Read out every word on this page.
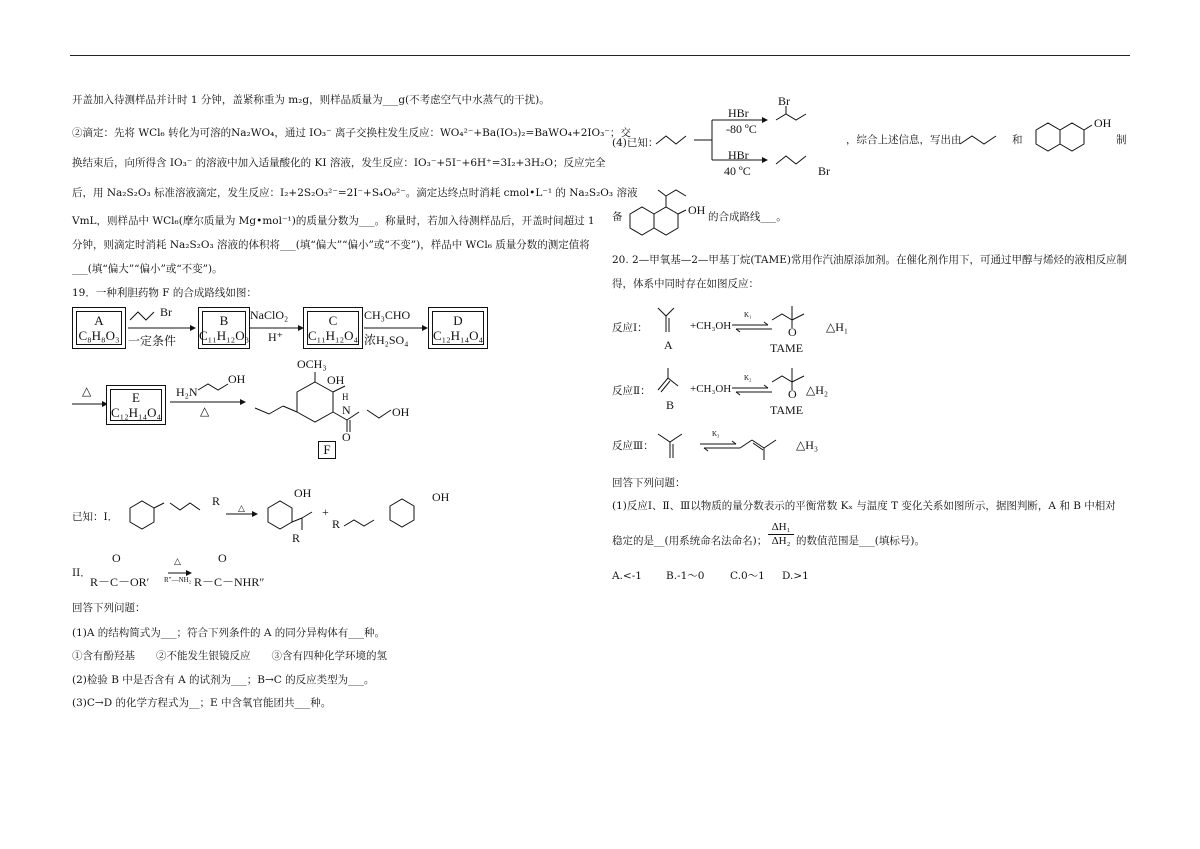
开盖加入待测样品并计时 1 分钟，盖紧称重为 m₂g，则样品质量为___g(不考虑空气中水蒸气的干扰)。
②滴定：先将 WCl₆ 转化为可溶的Na₂WO₄，通过 IO₃⁻ 离子交换柱发生反应：WO₄²⁻+Ba(IO₃)₂=BaWO₄+2IO₃⁻；交
换结束后，向所得含 IO₃⁻ 的溶液中加入适量酸化的 KI 溶液，发生反应：IO₃⁻+5I⁻+6H⁺=3I₂+3H₂O；反应完全
后，用 Na₂S₂O₃ 标准溶液滴定，发生反应：I₂+2S₂O₃²⁻=2I⁻+S₄O₆²⁻。滴定达终点时消耗 cmol•L⁻¹ 的 Na₂S₂O₃ 溶液
VmL，则样品中 WCl₆(摩尔质量为 Mg•mol⁻¹)的质量分数为___。称量时，若加入待测样品后，开盖时间超过 1
分钟，则滴定时消耗 Na₂S₂O₃ 溶液的体积将___(填“偏大”“偏小”或“不变”)，样品中 WCl₆ 质量分数的测定值将
___(填“偏大”“偏小”或“不变”)。
19．一种利胆药物 F 的合成路线如图：
A
C₈H₈O₃
Br
一定条件
B
C₁₁H₁₂O₃
NaClO₂
H⁺
C
C₁₁H₁₂O₄
CH₃CHO
浓H₂SO₄
D
C₁₂H₁₄O₄
△	E
C₁₂H₁₄O₄
H₂N
OH
△
OCH₃
OH
H
N	OH
O
F
已知：I．
R △
OH
R
+
R
OH
II．
O
R－C－OR′
△
R″—NH₂
O
R－C－NHR″
回答下列问题：
(1)A 的结构简式为___；符合下列条件的 A 的同分异构体有___种。
①含有酚羟基　　②不能发生银镜反应　　③含有四种化学环境的氢
(2)检验 B 中是否含有 A 的试剂为___；B→C 的反应类型为___。
(3)C→D 的化学方程式为__；E 中含氧官能团共___种。
(4)已知：
HBr
-80 ºC
HBr
40 ºC
Br
Br
，综合上述信息，写出由	和
OH
制
备	OH 的合成路线___。
20. 2—甲氧基—2—甲基丁烷(TAME)常用作汽油原添加剂。在催化剂作用下，可通过甲醇与烯烃的液相反应制
得，体系中同时存在如图反应：
反应Ⅰ：
A
+CH₃OH
K₁
O
TAME
△H₁
反应Ⅱ：
B
+CH₃OH
K₂
O
TAME
△H₂
反应Ⅲ：
K₃
△H₃
回答下列问题：
(1)反应Ⅰ、Ⅱ、Ⅲ以物质的量分数表示的平衡常数 Kₓ 与温度 T 变化关系如图所示，据图判断，A 和 B 中相对
稳定的是__(用系统命名法命名)； $\frac{\text{ΔH₁}}{\text{ΔH₂}}$ 的数值范围是___(填标号)。
A.<-1 B.-1～0 C.0～1 D.>1
